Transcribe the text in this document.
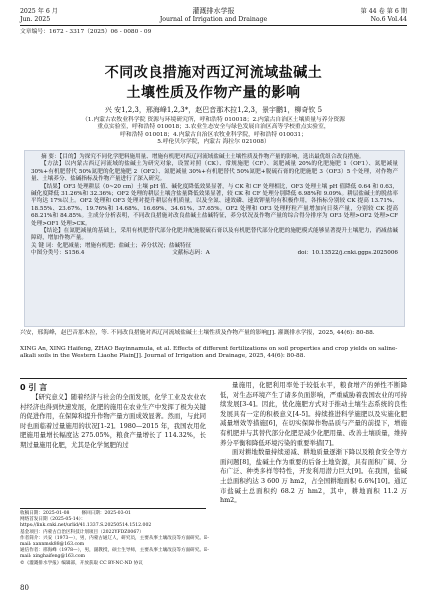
2025 年 6 月
Jun. 2025
灌溉排水学报
Journal of Irrigation and Drainage
第 44 卷 第 6 期
No.6 Vol.44
文章编号：1672 - 3317（2025）06 - 0080 - 09
不同改良措施对西辽河流域盐碱土
土壤性质及作物产量的影响
兴 安1,2,3，邢海峰1,2,3*，赵巴音那木拉1,2,3，景宇鹏1，柳奇钦 5
（1.内蒙古农牧业科学院 资源与环境研究所，呼和浩特 010018；2.内蒙古自治区土壤质量与养分资源
重点实验室，呼和浩特 010018；3.农业生态安全与绿色发展自治区高等学校重点实验室，
呼和浩特 010018；4.内蒙古自治区农牧业科学院，呼和浩特 010031；
5.呼伦贝尔学院，内蒙古 海拉尔 021008）

摘 要：【目的】为探究不同化学肥料施用量、增施有机肥对西辽河流域盐碱土土壤性质及作物产量的影响，选出最优组合改良措施。

【方法】以内蒙古西辽河流域的盐碱土为研究对象，设置对照（CK）、常规施肥（CF）、氮肥减量 20%的化肥施肥 1（OF1）、氮肥减量 30%+有机肥替代 50%氮肥的化肥施肥 2（OF2）、氮肥减量 30%+有机肥替代 50%氮肥+脱硫石膏的化肥施肥 3（OF3）5 个处理，对作物产量、土壤养分、盐碱指标及作物产量进行了深入研究。

【结果】OF3 处理耕层（0~20 cm）土壤 pH 值、碱化度降低效果显著，与 CK 和 CF 处理相比，OF3 处理土壤 pH 值降低 0.64 和 0.63，碱化度降低 31.26%和 32.36%；OF2 处理的耕层土壤含盐量降低效果显著，较 CK 和 CF 处理分别降低 6.98%和 9.09%。耕层盐碱土的脱盐率平均达 17%以上。OF2 处理和 OF3 处理对提升耕层有机质量，以及全氮、速效磷、速效钾量均有积极作用，各指标分别较 CK 提高 13.71%、18.55%、23.67%、19.76%和 14.68%、16.69%、34.61%、37.65%。OF2 处理和 OF3 处理籽粒产量增加向日葵产量，分别较 CK 提高 68.21%和 84.85%。主成分分析表明，不同改良措施对改良盐碱土盐碱特征，养分状况及作物产量的综合得分排序为 OF3 处理>OF2 处理>CF 处理>OF1 处理>CK。

【结论】在氮肥减量的基础上，采用有机肥替代部分化肥并配施脱硫石膏以及有机肥替代部分化肥的施肥模式能够显著提升土壤肥力，消减盐碱障碍，增加作物产量。

关 键 词：化肥减量；增施有机肥；盐碱土；养分状况；盐碱特征

中图分类号：S156.4	文献标志码：A	doi：10.13522/j.cnki.ggps.2025006
兴安，邢海峰，赵巴音那木拉，等. 不同改良措施对西辽河流域盐碱土土壤性质及作物产量的影响[J]. 灌溉排水学报，2025, 44(6): 80-88.
XING An, XING Haifeng, ZHAO Bayinnamula, et al. Effects of different fertilizations on soil properties and crop yields on saline-alkali soils in the Western Liaohe Plain[J]. Journal of Irrigation and Drainage, 2025, 44(6): 80-88.
0 引 言

【研究意义】随着经济与社会的全面发展，化学工业及农业农村经济也得到快速发展，化肥的施用在农业生产中发挥了极为关键的促进作用，在保障和提升作物产量方面成效显著。然而，与此同时也面临着过量施用的状况[1-2]。1980—2015 年，我国农用化肥施用量增长幅度达 275.05%，粮食产量增长了 114.32%，长期过量施用化肥，尤其是化学氮肥的过

量施用，化肥利用率处于较低水平，粮食增产的弹性不断降低，对生态环境产生了诸多负面影响，严重威胁着我国农业的可持续发展[3-4]。因此，优化施肥方式对于推动土壤生态系统的良性发展具有一定的积极意义[4-5]。持续推进科学施肥以及实施化肥减量增效等措施[6]，在切实保障作物品质与产量的前提下，增施有机肥并与其替代部分化肥是减少化肥用量、改善土壤质量，维持养分平衡和降低环境污染的重要举措[7]。

面对耕地数量持续递减、耕地质量逐渐下降以及粮食安全等方面问题[8]，盐碱土作为重要的后备土地资源，具有面积广阔、分布广泛、种类多样等特性，开发利用潜力巨大[9]。在我国，盐碱土总面积约达 3 600 万 hm2，占全国耕地面积 6.6%[10]。通辽市盐碱土总面积约 68.2 万 hm2，其中，耕地面积 11.2 万 hm2。

收稿日期：2025-01-08	修回日期：2025-03-01
网络首发日期（2025-05-14）：https://link.cnki.net/urlid/41.1337.S.20250514.1512.002
基金项目：内蒙古自治区科技计划项目（2022YFDZ0067）
作者简介：兴安（1973—），男，内蒙古通辽人，研究员，主要从事土壤改良等方面研究。E-mail: xannmsk88@163.com
通信作者：邢海峰（1978—），男，副教授，硕士生导师，主要从事土壤改良等方面研究。E-mail: xinghaifeng@163.com
©《灌溉排水学报》编辑部，开放获取 CC BY-NC-ND 协议
80
